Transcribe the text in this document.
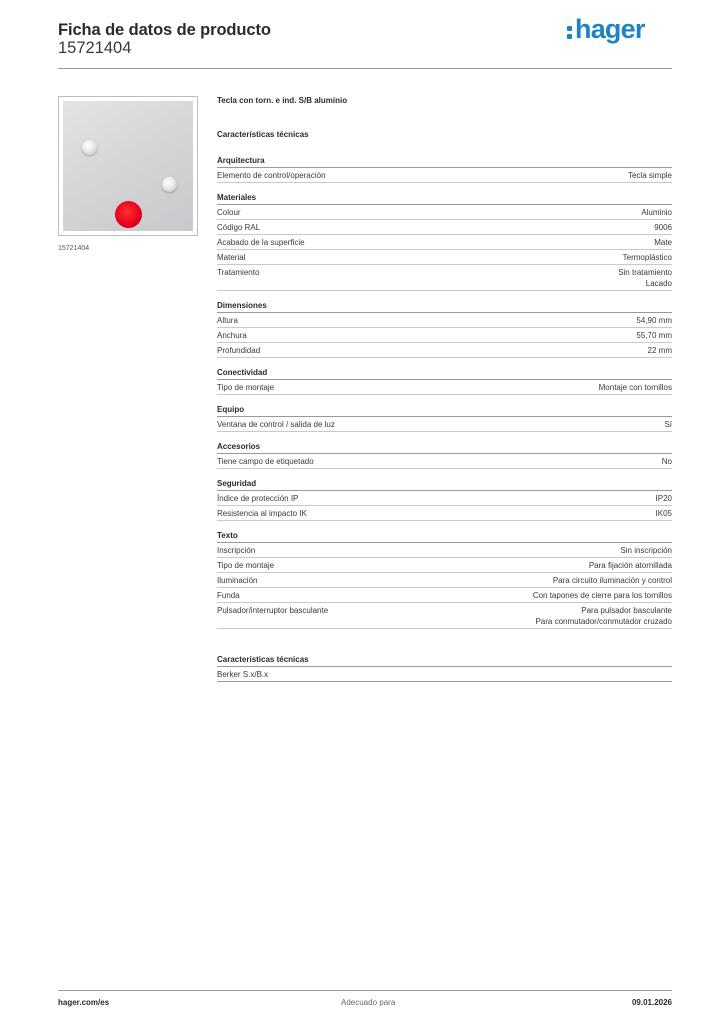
Ficha de datos de producto
15721404
hager
15721404
Tecla con torn. e ind. S/B aluminio
Características técnicas
Arquitectura
Elemento de control/operación	Tecla simple
Materiales
Colour	Aluminio
Código RAL	9006
Acabado de la superficie	Mate
Material	Termoplástico
Tratamiento	Sin tratamiento
Lacado
Dimensiones
Altura	54,90 mm
Anchura	55,70 mm
Profundidad	22 mm
Conectividad
Tipo de montaje	Montaje con tornillos
Equipo
Ventana de control / salida de luz	Sí
Accesorios
Tiene campo de etiquetado	No
Seguridad
Índice de protección IP	IP20
Resistencia al impacto IK	IK05
Texto
Inscripción	Sin inscripción
Tipo de montaje	Para fijación atornillada
Iluminación	Para circuito iluminación y control
Funda	Con tapones de cierre para los tornillos
Pulsador/interruptor basculante	Para pulsador basculante
Para conmutador/conmutador cruzado
Características técnicas
Berker S.x/B.x
hager.com/es	Adecuado para	09.01.2026
